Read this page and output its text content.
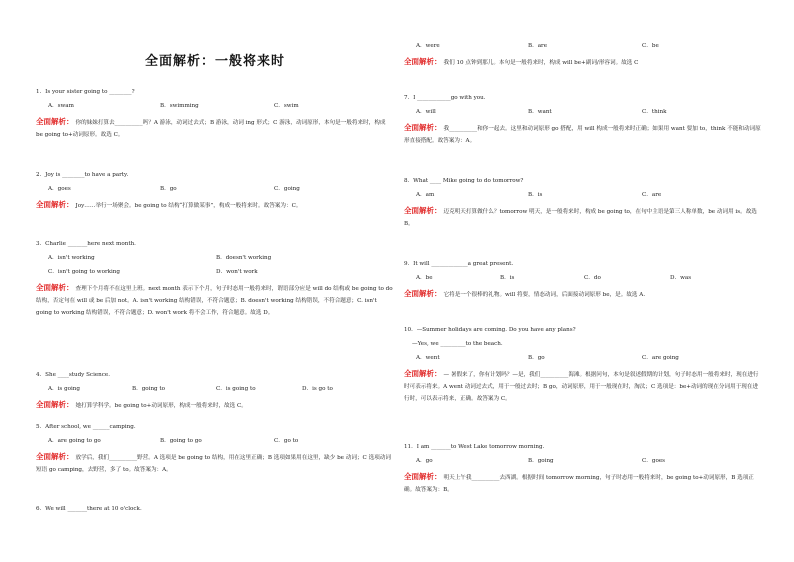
全面解析：一般将来时
1．Is your sister going to ________?
A．swam	B．swimming	C．swim
全面解析： 你的妹妹打算去__________吗？A 游泳，动词过去式；B 游泳，动词 ing 形式；C 游泳，动词原形，本句是一般将来时，构成 be going to+动词原形。故选 C。
2．Joy is ________to have a party.
A．goes	B．go	C．going
全面解析： Joy……举行一场聚会。be going to 结构“打算做某事”，构成一般将来时。故答案为：C。
3．Charlie _______here next month.
A．isn't working	B．doesn't working
C．isn't going to working	D．won't work
全面解析： 查理下个月将不在这里上班。next month 表示下个月，句子时态用一般将来时，谓语部分应是 will do 结构或 be going to do 结构，否定句在 will 或 be 后加 not。A. isn't working 结构错误，不符合题意；B. doesn't working 结构错误，不符合题意；C. isn't going to working 结构错误，不符合题意；D. won't work 将不会工作，符合题意。故选 D。
4．She ____study Science.
A．is going	B．going to	C．is going to	D．is go to
全面解析： 她打算学科学。be going to+动词原形，构成一般将来时，故选 C。
5．After school, we ______camping.
A．are going to go	B．going to go	C．go to
全面解析： 放学后，我们__________野营。A 选项是 be going to 结构，用在这里正确；B 选项如果用在这里，缺少 be 动词；C 选项动词短语 go camping，去野营，多了 to。故答案为：A。
6．We will _______there at 10 o'clock.
A．were	B．are	C．be
全面解析： 我们 10 点钟到那儿。本句是一般将来时，构成 will be+副词/形容词。故选 C
7．I ____________go with you.
A．will	B．want	C．think
全面解析： 我__________和你一起去。这里和动词原形 go 搭配，用 will 构成一般将来时正确；如果用 want 要加 to，think 不能和动词原形直接搭配。故答案为：A。
8．What ____ Mike going to do tomorrow?
A．am	B．is	C．are
全面解析： 迈克明天打算做什么？tomorrow 明天，是一般将来时，构成 be going to，在句中主语是第三人称单数，be 动词用 is。故选 B。
9．It will _____________a great present.
A．be	B．is	C．do	D．was
全面解析： 它将是一个很棒的礼物。will 将要，情态动词，后面接动词原形 be，是。故选 A.
10．—Summer holidays are coming. Do you have any plans?
—Yes, we _________to the beach.
A．went	B．go	C．are going
全面解析： — 暑假来了，你有计划吗？—是，我们__________海滩。根据问句，本句是叙述假期的计划，句子时态用一般将来时，现在进行时可表示将来。A went 动词过去式，用于一般过去时；B go，动词原形，用于一般现在时，淘汰；C 选项是：be+动词的现在分词用于现在进行时，可以表示将来，正确。故答案为 C。
11．I am _______to West Lake tomorrow morning.
A．go	B．going	C．goes
全面解析： 明天上午我__________去西湖。根据时间 tomorrow morning，句子时态用一般将来时，be going to+动词原形，B 选项正确。故答案为：B。
